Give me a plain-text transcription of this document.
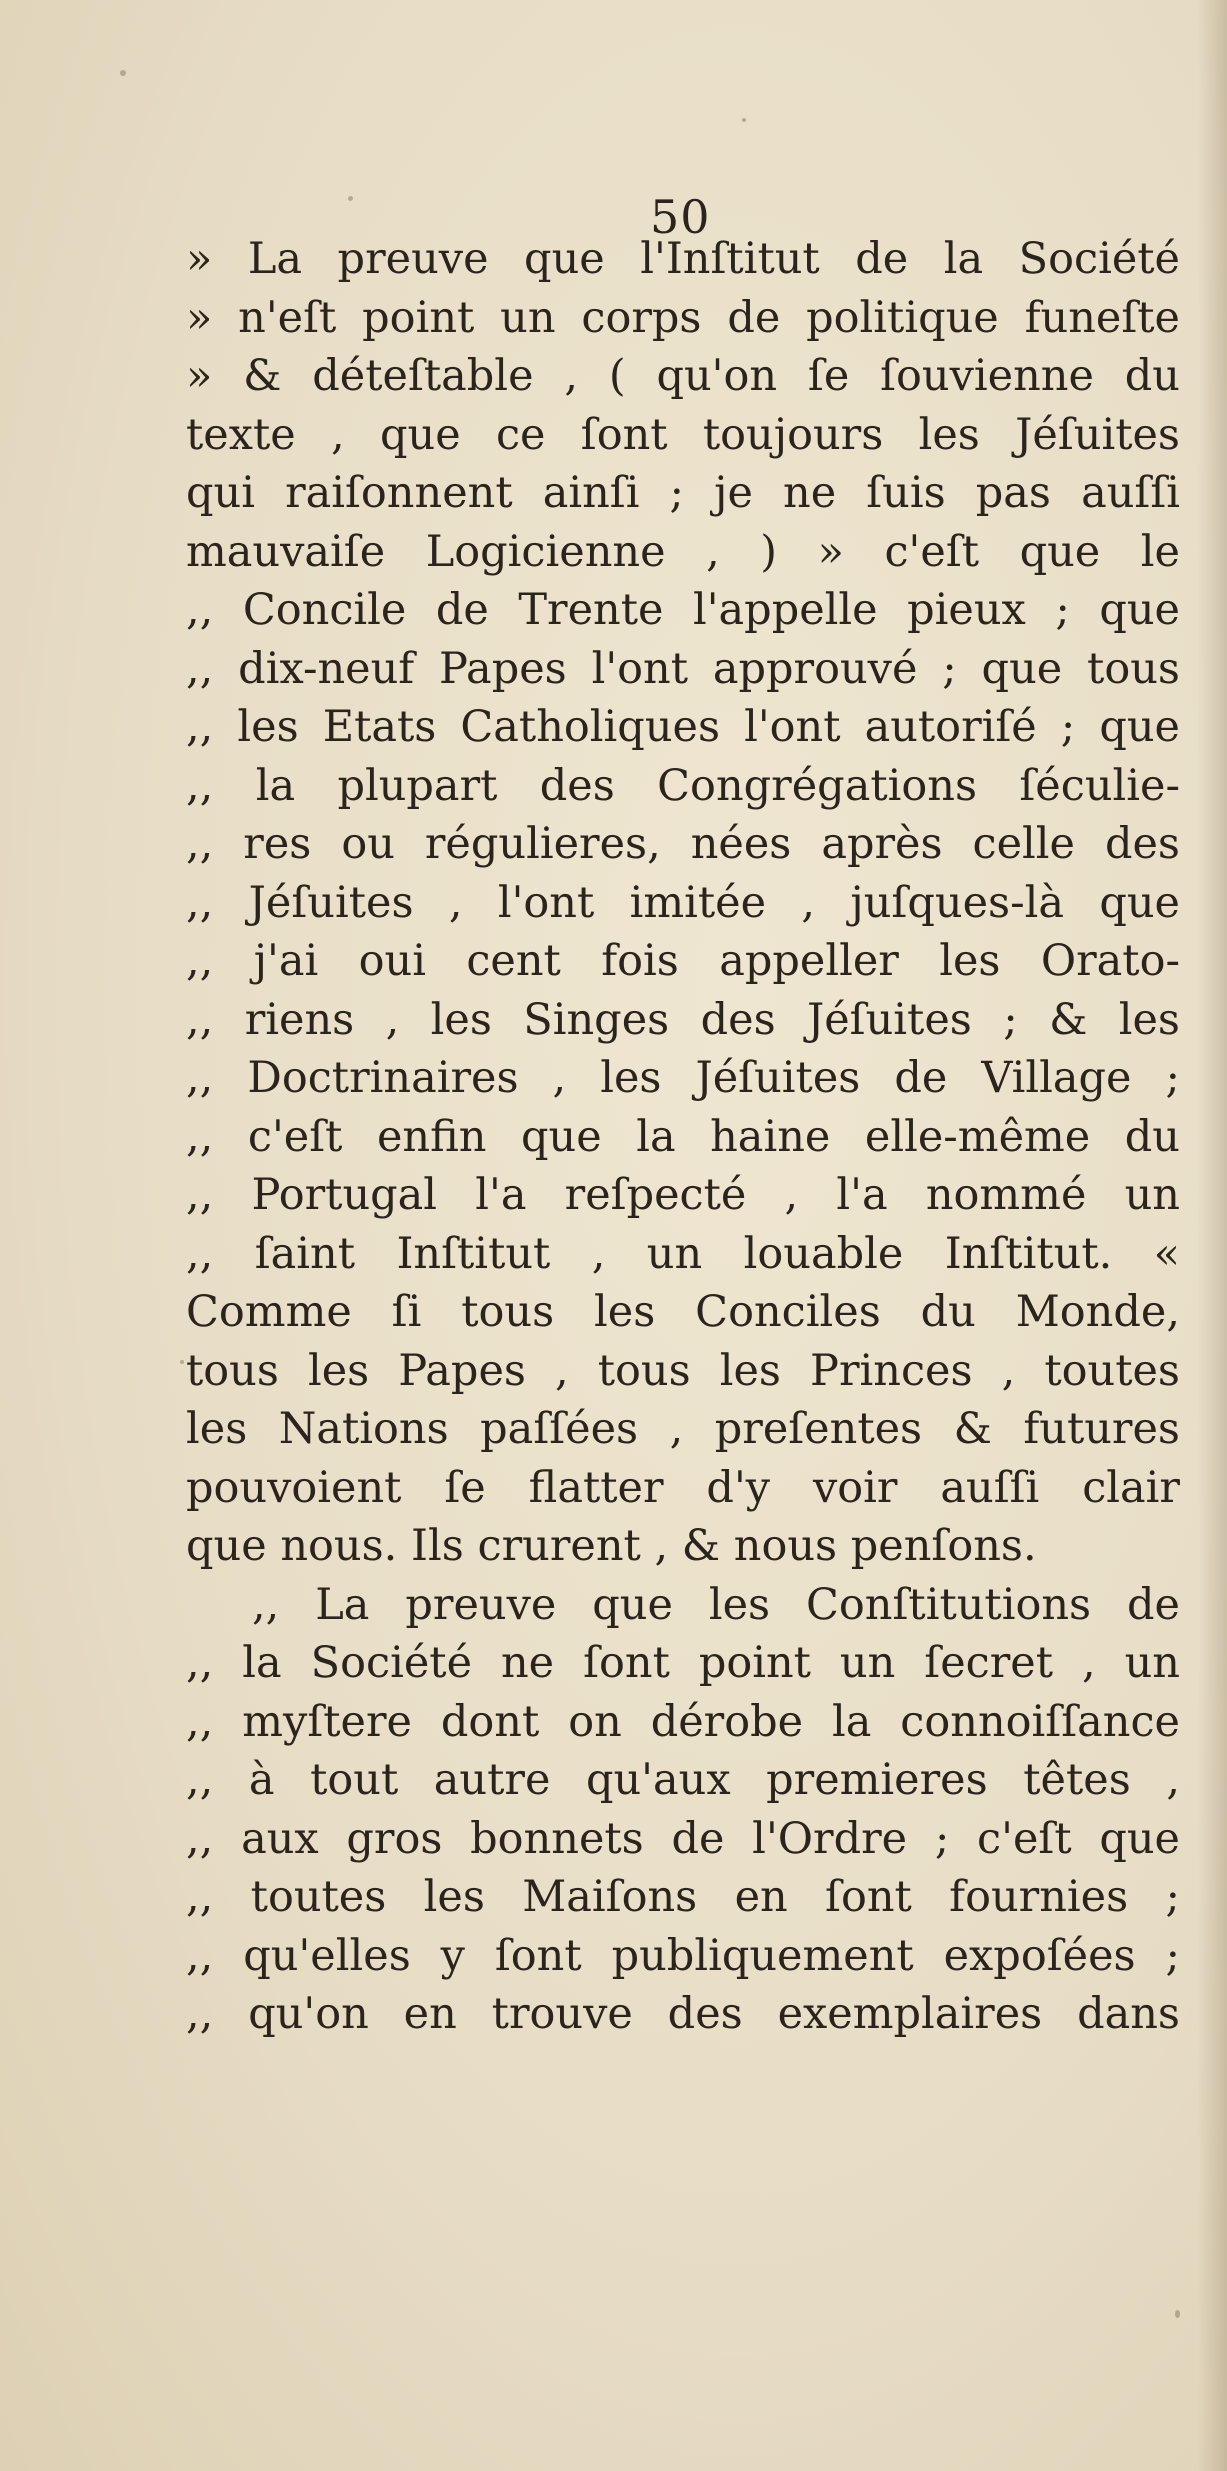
50
» La preuve que l'Inſtitut de la Société
» n'eſt point un corps de politique funeſte
» & déteſtable , ( qu'on ſe ſouvienne du
texte , que ce ſont toujours les Jéſuites
qui raiſonnent ainſi ; je ne ſuis pas auſſi
mauvaiſe Logicienne , ) » c'eſt que le
,, Concile de Trente l'appelle pieux ; que
,, dix-neuf Papes l'ont approuvé ; que tous
,, les Etats Catholiques l'ont autoriſé ; que
,, la plupart des Congrégations ſéculie-
,, res ou régulieres, nées après celle des
,, Jéſuites , l'ont imitée , juſques-là que
,, j'ai oui cent fois appeller les Orato-
,, riens , les Singes des Jéſuites ; & les
,, Doctrinaires , les Jéſuites de Village ;
,, c'eſt enfin que la haine elle-même du
,, Portugal l'a reſpecté , l'a nommé un
,, ſaint Inſtitut , un louable Inſtitut. «
Comme ſi tous les Conciles du Monde,
tous les Papes , tous les Princes , toutes
les Nations paſſées , preſentes & futures
pouvoient ſe flatter d'y voir auſſi clair
que nous. Ils crurent , & nous penſons.
,, La preuve que les Conſtitutions de
,, la Société ne ſont point un ſecret , un
,, myſtere dont on dérobe la connoiſſance
,, à tout autre qu'aux premieres têtes ,
,, aux gros bonnets de l'Ordre ; c'eſt que
,, toutes les Maiſons en ſont fournies ;
,, qu'elles y ſont publiquement expoſées ;
,, qu'on en trouve des exemplaires dans
